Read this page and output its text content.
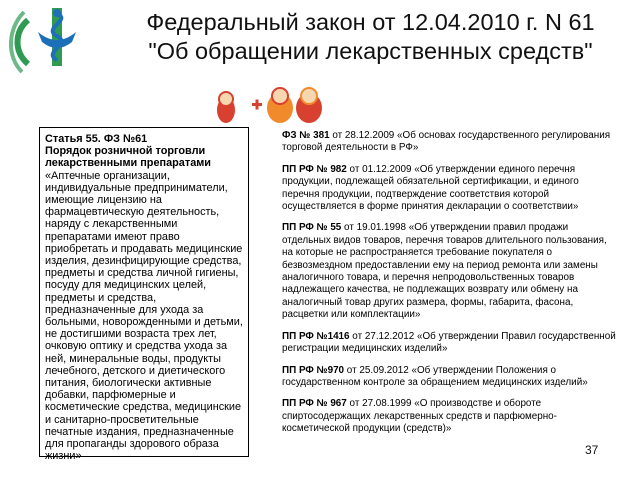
Федеральный закон от 12.04.2010 г. N 61
"Об обращении лекарственных средств"
Статья 55. ФЗ №61
Порядок розничной торговли лекарственными препаратами
«Аптечные организации, индивидуальные предприниматели, имеющие лицензию на фармацевтическую деятельность, наряду с лекарственными препаратами имеют право приобретать и продавать медицинские изделия, дезинфицирующие средства, предметы и средства личной гигиены, посуду для медицинских целей, предметы и средства, предназначенные для ухода за больными, новорожденными и детьми, не достигшими возраста трех лет, очковую оптику и средства ухода за ней, минеральные воды, продукты лечебного, детского и диетического питания, биологически активные добавки, парфюмерные и косметические средства, медицинские и санитарно-просветительные печатные издания, предназначенные для пропаганды здорового образа жизни»
ФЗ № 381 от 28.12.2009 «Об основах государственного регулирования торговой деятельности в РФ»
ПП РФ № 982 от 01.12.2009 «Об утверждении единого перечня продукции, подлежащей обязательной сертификации, и единого перечня продукции, подтверждение соответствия которой осуществляется в форме принятия декларации о соответствии»
ПП РФ № 55 от 19.01.1998 «Об утверждении правил продажи отдельных видов товаров, перечня товаров длительного пользования, на которые не распространяется требование покупателя о безвозмездном предоставлении ему на период ремонта или замены аналогичного товара, и перечня непродовольственных товаров надлежащего качества, не подлежащих возврату или обмену на аналогичный товар других размера, формы, габарита, фасона, расцветки или комплектации»
ПП РФ №1416 от 27.12.2012 «Об утверждении Правил государственной регистрации медицинских изделий»
ПП РФ №970 от 25.09.2012 «Об утверждении Положения о государственном контроле за обращением медицинских изделий»
ПП РФ № 967 от 27.08.1999 «О производстве и обороте спиртосодержащих лекарственных средств и парфюмерно-косметической продукции (средств)»
37
